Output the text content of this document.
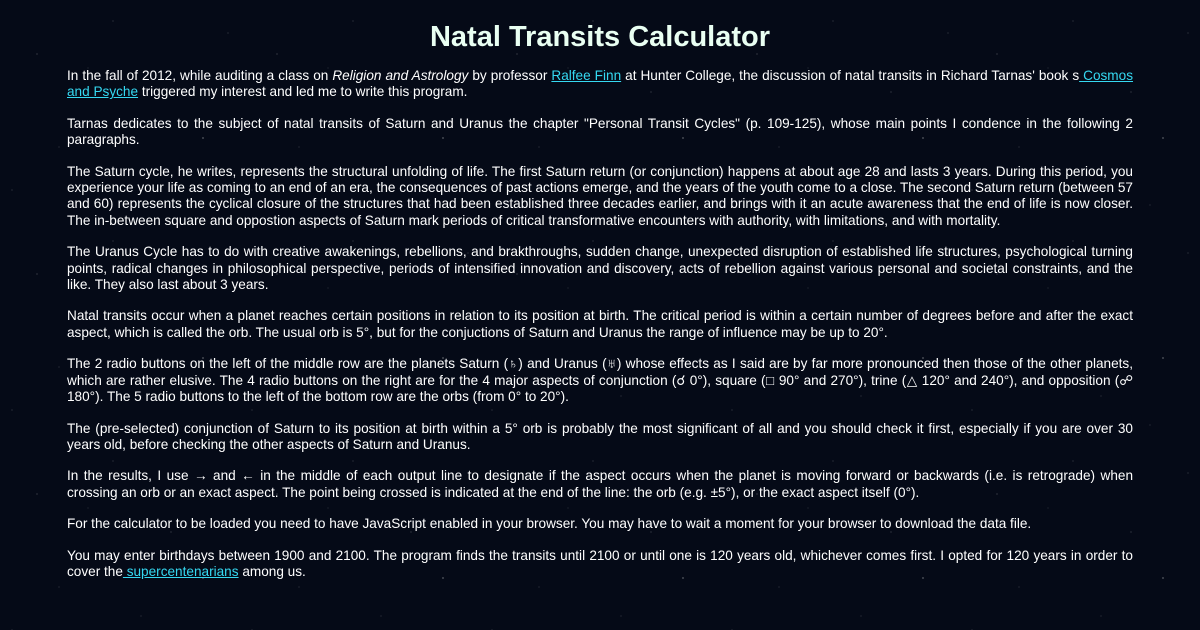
Natal Transits Calculator

In the fall of 2012, while auditing a class on Religion and Astrology by professor Ralfee Finn at Hunter College, the discussion of natal transits in Richard Tarnas' book s Cosmos and Psyche triggered my interest and led me to write this program.

Tarnas dedicates to the subject of natal transits of Saturn and Uranus the chapter "Personal Transit Cycles" (p. 109-125), whose main points I condence in the following 2 paragraphs.

The Saturn cycle, he writes, represents the structural unfolding of life. The first Saturn return (or conjunction) happens at about age 28 and lasts 3 years. During this period, you experience your life as coming to an end of an era, the consequences of past actions emerge, and the years of the youth come to a close. The second Saturn return (between 57 and 60) represents the cyclical closure of the structures that had been established three decades earlier, and brings with it an acute awareness that the end of life is now closer. The in-between square and oppostion aspects of Saturn mark periods of critical transformative encounters with authority, with limitations, and with mortality.

The Uranus Cycle has to do with creative awakenings, rebellions, and brakthroughs, sudden change, unexpected disruption of established life structures, psychological turning points, radical changes in philosophical perspective, periods of intensified innovation and discovery, acts of rebellion against various personal and societal constraints, and the like. They also last about 3 years.

Natal transits occur when a planet reaches certain positions in relation to its position at birth. The critical period is within a certain number of degrees before and after the exact aspect, which is called the orb. The usual orb is 5°, but for the conjuctions of Saturn and Uranus the range of influence may be up to 20°.

The 2 radio buttons on the left of the middle row are the planets Saturn (♄) and Uranus (♅) whose effects as I said are by far more pronounced then those of the other planets, which are rather elusive. The 4 radio buttons on the right are for the 4 major aspects of conjunction (☌ 0°), square (□ 90° and 270°), trine (△ 120° and 240°), and opposition (☍ 180°). The 5 radio buttons to the left of the bottom row are the orbs (from 0° to 20°).

The (pre-selected) conjunction of Saturn to its position at birth within a 5° orb is probably the most significant of all and you should check it first, especially if you are over 30 years old, before checking the other aspects of Saturn and Uranus.

In the results, I use → and ← in the middle of each output line to designate if the aspect occurs when the planet is moving forward or backwards (i.e. is retrograde) when crossing an orb or an exact aspect. The point being crossed is indicated at the end of the line: the orb (e.g. ±5°), or the exact aspect itself (0°).

For the calculator to be loaded you need to have JavaScript enabled in your browser. You may have to wait a moment for your browser to download the data file.

You may enter birthdays between 1900 and 2100. The program finds the transits until 2100 or until one is 120 years old, whichever comes first. I opted for 120 years in order to cover the supercentenarians among us.
